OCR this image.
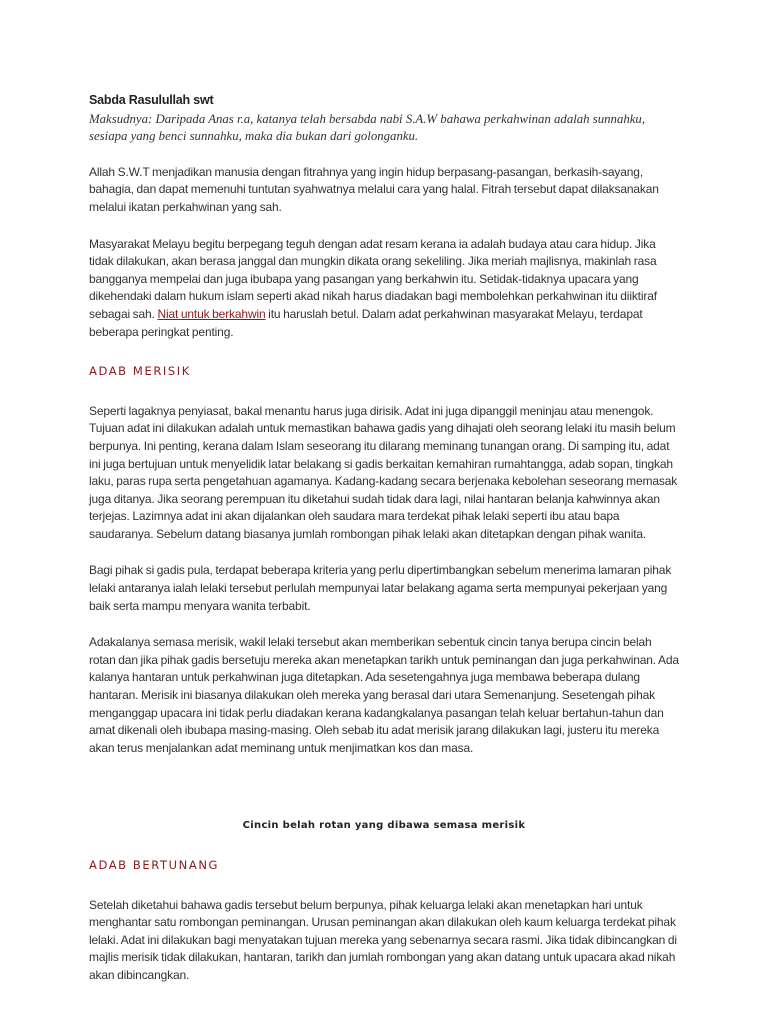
Sabda Rasulullah swt
Maksudnya: Daripada Anas r.a, katanya telah bersabda nabi S.A.W bahawa perkahwinan adalah sunnahku, sesiapa yang benci sunnahku, maka dia bukan dari golonganku.

Allah S.W.T menjadikan manusia dengan fitrahnya yang ingin hidup berpasang-pasangan, berkasih-sayang, bahagia, dan dapat memenuhi tuntutan syahwatnya melalui cara yang halal. Fitrah tersebut dapat dilaksanakan melalui ikatan perkahwinan yang sah.

Masyarakat Melayu begitu berpegang teguh dengan adat resam kerana ia adalah budaya atau cara hidup. Jika tidak dilakukan, akan berasa janggal dan mungkin dikata orang sekeliling. Jika meriah majlisnya, makinlah rasa bangganya mempelai dan juga ibubapa yang pasangan yang berkahwin itu. Setidak-tidaknya upacara yang dikehendaki dalam hukum islam seperti akad nikah harus diadakan bagi membolehkan perkahwinan itu diiktiraf sebagai sah. Niat untuk berkahwin itu haruslah betul. Dalam adat perkahwinan masyarakat Melayu, terdapat beberapa peringkat penting.

ADAB MERISIK

Seperti lagaknya penyiasat, bakal menantu harus juga dirisik. Adat ini juga dipanggil meninjau atau menengok. Tujuan adat ini dilakukan adalah untuk memastikan bahawa gadis yang dihajati oleh seorang lelaki itu masih belum berpunya. Ini penting, kerana dalam Islam seseorang itu dilarang meminang tunangan orang. Di samping itu, adat ini juga bertujuan untuk menyelidik latar belakang si gadis berkaitan kemahiran rumahtangga, adab sopan, tingkah laku, paras rupa serta pengetahuan agamanya. Kadang-kadang secara berjenaka kebolehan seseorang memasak juga ditanya. Jika seorang perempuan itu diketahui sudah tidak dara lagi, nilai hantaran belanja kahwinnya akan terjejas. Lazimnya adat ini akan dijalankan oleh saudara mara terdekat pihak lelaki seperti ibu atau bapa saudaranya. Sebelum datang biasanya jumlah rombongan pihak lelaki akan ditetapkan dengan pihak wanita.

Bagi pihak si gadis pula, terdapat beberapa kriteria yang perlu dipertimbangkan sebelum menerima lamaran pihak lelaki antaranya ialah lelaki tersebut perlulah mempunyai latar belakang agama serta mempunyai pekerjaan yang baik serta mampu menyara wanita terbabit.

Adakalanya semasa merisik, wakil lelaki tersebut akan memberikan sebentuk cincin tanya berupa cincin belah rotan dan jika pihak gadis bersetuju mereka akan menetapkan tarikh untuk peminangan dan juga perkahwinan. Ada kalanya hantaran untuk perkahwinan juga ditetapkan. Ada sesetengahnya juga membawa beberapa dulang hantaran. Merisik ini biasanya dilakukan oleh mereka yang berasal dari utara Semenanjung. Sesetengah pihak menganggap upacara ini tidak perlu diadakan kerana kadangkalanya pasangan telah keluar bertahun-tahun dan amat dikenali oleh ibubapa masing-masing. Oleh sebab itu adat merisik jarang dilakukan lagi, justeru itu mereka akan terus menjalankan adat meminang untuk menjimatkan kos dan masa.

Cincin belah rotan yang dibawa semasa merisik
ADAB BERTUNANG

Setelah diketahui bahawa gadis tersebut belum berpunya, pihak keluarga lelaki akan menetapkan hari untuk menghantar satu rombongan peminangan. Urusan peminangan akan dilakukan oleh kaum keluarga terdekat pihak lelaki. Adat ini dilakukan bagi menyatakan tujuan mereka yang sebenarnya secara rasmi. Jika tidak dibincangkan di majlis merisik tidak dilakukan, hantaran, tarikh dan jumlah rombongan yang akan datang untuk upacara akad nikah akan dibincangkan.
